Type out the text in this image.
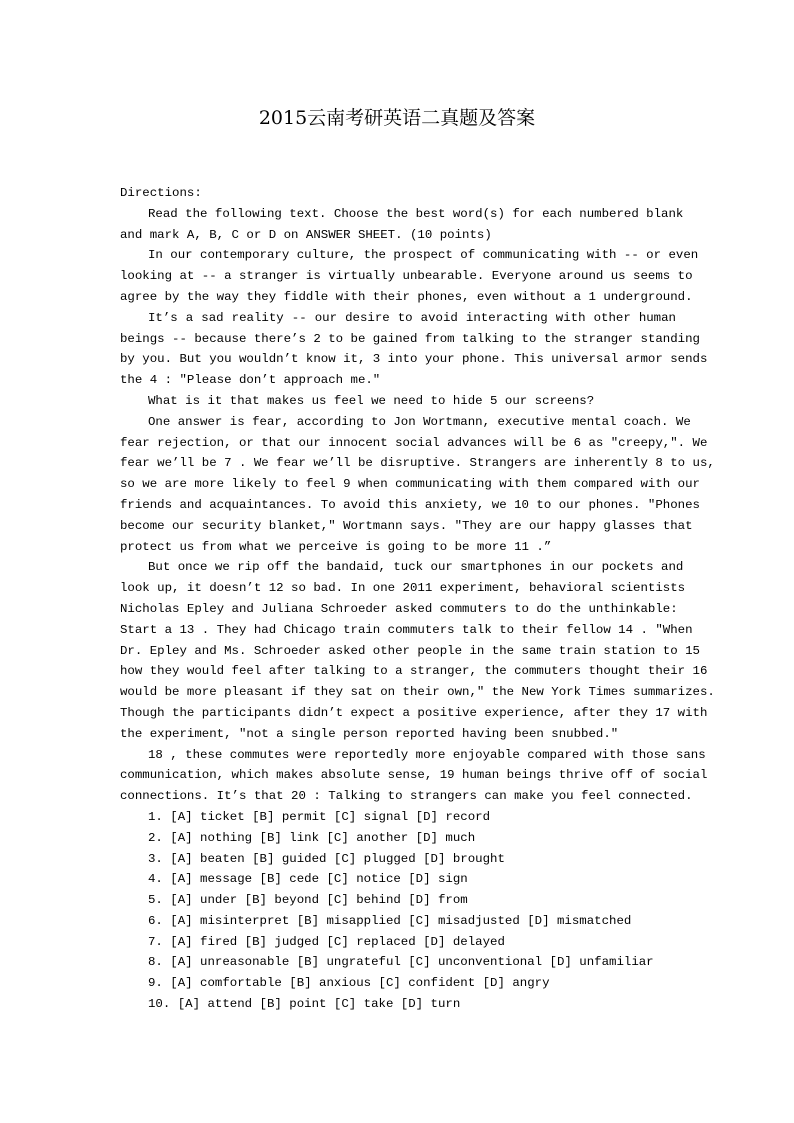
2015云南考研英语二真题及答案
Directions:
Read the following text. Choose the best word(s) for each numbered blank
and mark A, B, C or D on ANSWER SHEET. (10 points)
In our contemporary culture, the prospect of communicating with -- or even
looking at -- a stranger is virtually unbearable. Everyone around us seems to
agree by the way they fiddle with their phones, even without a 1 underground.
It’s a sad reality -- our desire to avoid interacting with other human
beings -- because there’s 2 to be gained from talking to the stranger standing
by you. But you wouldn’t know it, 3 into your phone. This universal armor sends
the 4 : "Please don’t approach me."
What is it that makes us feel we need to hide 5 our screens?
One answer is fear, according to Jon Wortmann, executive mental coach. We
fear rejection, or that our innocent social advances will be 6 as "creepy,". We
fear we’ll be 7 . We fear we’ll be disruptive. Strangers are inherently 8 to us,
so we are more likely to feel 9 when communicating with them compared with our
friends and acquaintances. To avoid this anxiety, we 10 to our phones. "Phones
become our security blanket," Wortmann says. "They are our happy glasses that
protect us from what we perceive is going to be more 11 .”
But once we rip off the bandaid, tuck our smartphones in our pockets and
look up, it doesn’t 12 so bad. In one 2011 experiment, behavioral scientists
Nicholas Epley and Juliana Schroeder asked commuters to do the unthinkable:
Start a 13 . They had Chicago train commuters talk to their fellow 14 . "When
Dr. Epley and Ms. Schroeder asked other people in the same train station to 15
how they would feel after talking to a stranger, the commuters thought their 16
would be more pleasant if they sat on their own," the New York Times summarizes.
Though the participants didn’t expect a positive experience, after they 17 with
the experiment, "not a single person reported having been snubbed."
18 , these commutes were reportedly more enjoyable compared with those sans
communication, which makes absolute sense, 19 human beings thrive off of social
connections. It’s that 20 : Talking to strangers can make you feel connected.
1. [A] ticket [B] permit [C] signal [D] record
2. [A] nothing [B] link [C] another [D] much
3. [A] beaten [B] guided [C] plugged [D] brought
4. [A] message [B] cede [C] notice [D] sign
5. [A] under [B] beyond [C] behind [D] from
6. [A] misinterpret [B] misapplied [C] misadjusted [D] mismatched
7. [A] fired [B] judged [C] replaced [D] delayed
8. [A] unreasonable [B] ungrateful [C] unconventional [D] unfamiliar
9. [A] comfortable [B] anxious [C] confident [D] angry
10. [A] attend [B] point [C] take [D] turn
